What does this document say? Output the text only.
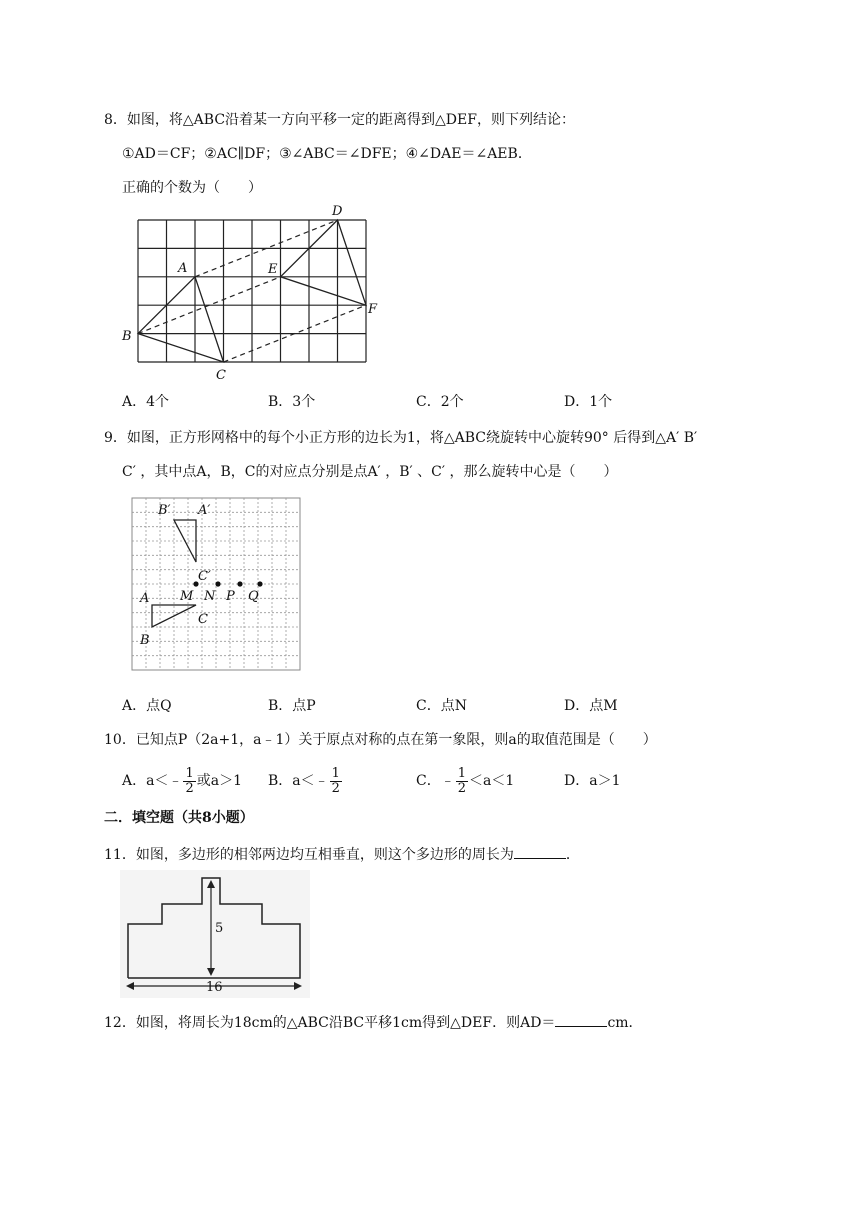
8．如图，将△ABC沿着某一方向平移一定的距离得到△DEF，则下列结论：
①AD＝CF；②AC∥DF；③∠ABC＝∠DFE；④∠DAE＝∠AEB．
正确的个数为（　　）
A
B
C
D
E
F
A．4个	B．3个	C．2个	D．1个
9．如图，正方形网格中的每个小正方形的边长为1，将△ABC绕旋转中心旋转90° 后得到△A′ B′
C′ ，其中点A，B，C的对应点分别是点A′ ，B′ 、C′ ，那么旋转中心是（　　）
B′ A′
C′
A M N P Q
C
B
A．点Q	B．点P	C．点N	D．点M
10．已知点P（2a+1，a﹣1）关于原点对称的点在第一象限，则a的取值范围是（　　）
A．a＜﹣ $\frac{1}{2}$ 或a＞1 B．a＜﹣ $\frac{1}{2}$	C．﹣ $\frac{1}{2} <a<1$	D．a＞1
二．填空题（共8小题）
11．如图，多边形的相邻两边均互相垂直，则这个多边形的周长为	．
5
16
12．如图，将周长为18cm的△ABC沿BC平移1cm得到△DEF．则AD＝	cm．
